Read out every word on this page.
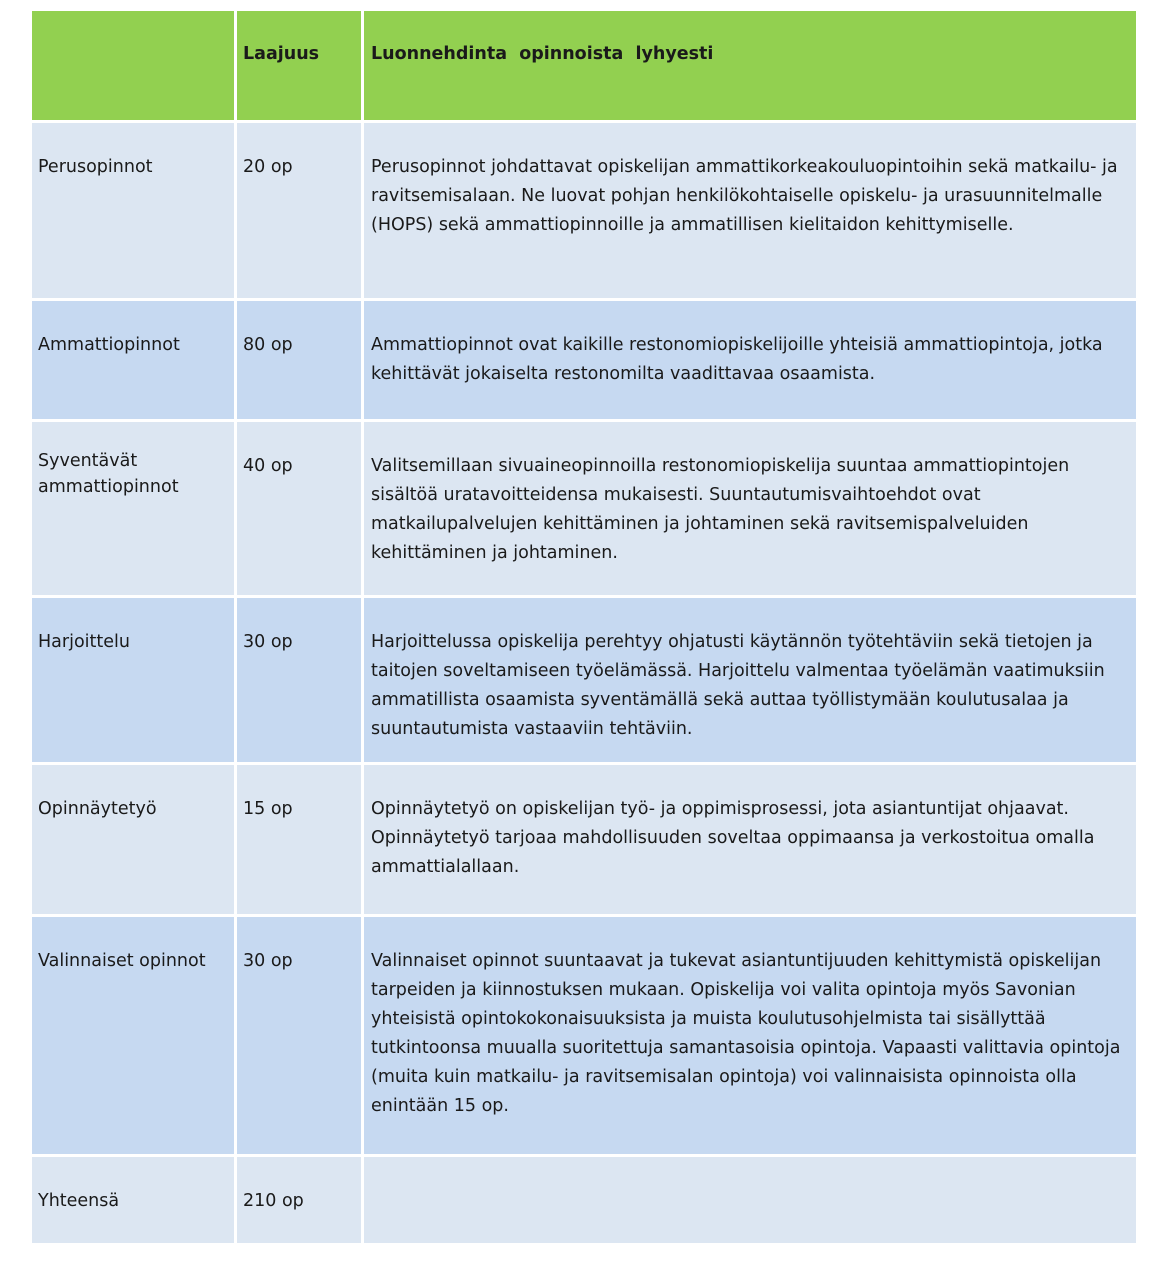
	Laajuus	Luonnehdinta  opinnoista  lyhyesti
Perusopinnot	20 op	Perusopinnot johdattavat opiskelijan ammattikorkeakouluopintoihin sekä matkailu- ja ravitsemisalaan. Ne luovat pohjan henkilökohtaiselle opiskelu- ja urasuunnitelmalle (HOPS) sekä ammattiopinnoille ja ammatillisen kielitaidon kehittymiselle.
Ammattiopinnot	80 op	Ammattiopinnot ovat kaikille restonomiopiskelijoille yhteisiä ammattiopintoja, jotka kehittävät jokaiselta restonomilta vaadittavaa osaamista.
Syventävät ammattiopinnot	40 op	Valitsemillaan sivuaineopinnoilla restonomiopiskelija suuntaa ammattiopintojen sisältöä uratavoitteidensa mukaisesti. Suuntautumisvaihtoehdot ovat matkailupalvelujen kehittäminen ja johtaminen sekä ravitsemispalveluiden kehittäminen ja johtaminen.
Harjoittelu	30 op	Harjoittelussa opiskelija perehtyy ohjatusti käytännön työtehtäviin sekä tietojen ja taitojen soveltamiseen työelämässä. Harjoittelu valmentaa työelämän vaatimuksiin ammatillista osaamista syventämällä sekä auttaa työllistymään koulutusalaa ja suuntautumista vastaaviin tehtäviin.
Opinnäytetyö	15 op	Opinnäytetyö on opiskelijan työ- ja oppimisprosessi, jota asiantuntijat ohjaavat. Opinnäytetyö tarjoaa mahdollisuuden soveltaa oppimaansa ja verkostoitua omalla ammattialallaan.
Valinnaiset opinnot	30 op	Valinnaiset opinnot suuntaavat ja tukevat asiantuntijuuden kehittymistä opiskelijan tarpeiden ja kiinnostuksen mukaan. Opiskelija voi valita opintoja myös Savonian yhteisistä opintokokonaisuuksista ja muista koulutusohjelmista tai sisällyttää tutkintoonsa muualla suoritettuja samantasoisia opintoja. Vapaasti valittavia opintoja (muita kuin matkailu- ja ravitsemisalan opintoja) voi valinnaisista opinnoista olla enintään 15 op.
Yhteensä	210 op	
